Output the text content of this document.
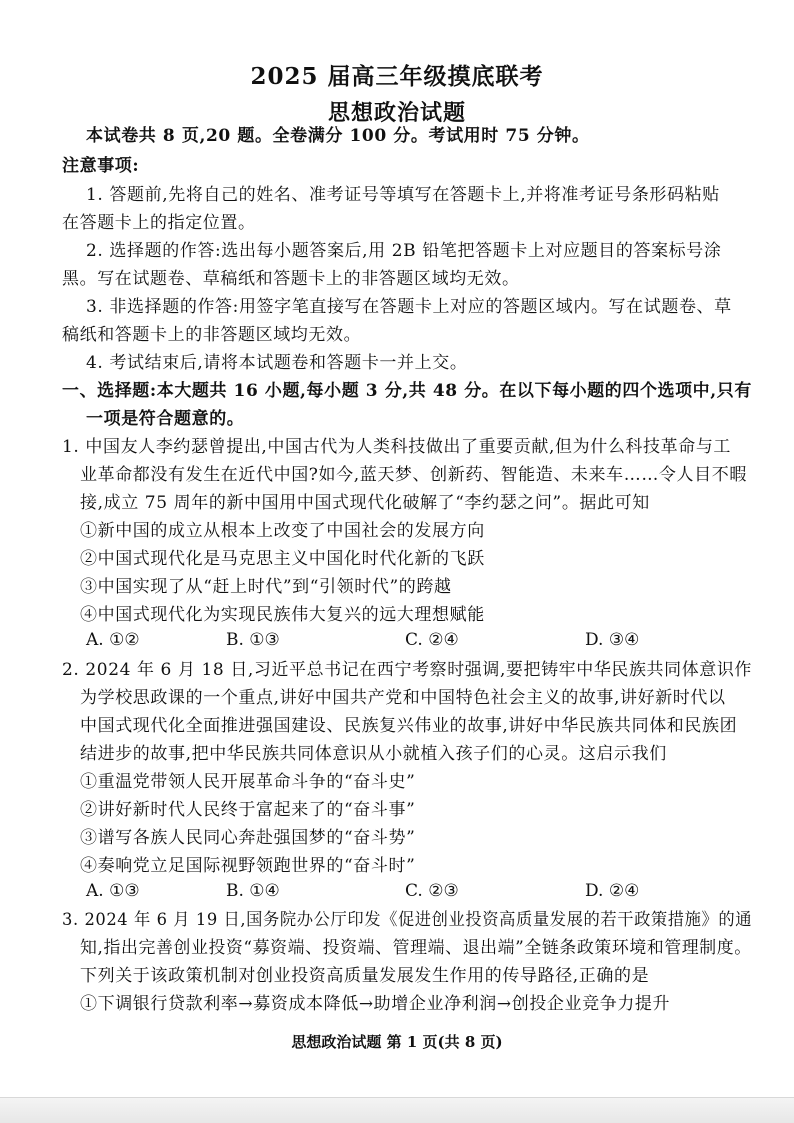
2025 届高三年级摸底联考
思想政治试题
本试卷共 8 页,20 题。全卷满分 100 分。考试用时 75 分钟。
注意事项:
1. 答题前,先将自己的姓名、准考证号等填写在答题卡上,并将准考证号条形码粘贴
在答题卡上的指定位置。
2. 选择题的作答:选出每小题答案后,用 2B 铅笔把答题卡上对应题目的答案标号涂
黑。写在试题卷、草稿纸和答题卡上的非答题区域均无效。
3. 非选择题的作答:用签字笔直接写在答题卡上对应的答题区域内。写在试题卷、草
稿纸和答题卡上的非答题区域均无效。
4. 考试结束后,请将本试题卷和答题卡一并上交。
一、选择题:本大题共 16 小题,每小题 3 分,共 48 分。在以下每小题的四个选项中,只有
一项是符合题意的。
1. 中国友人李约瑟曾提出,中国古代为人类科技做出了重要贡献,但为什么科技革命与工
业革命都没有发生在近代中国?如今,蓝天梦、创新药、智能造、未来车……令人目不暇
接,成立 75 周年的新中国用中国式现代化破解了“李约瑟之问”。据此可知
①新中国的成立从根本上改变了中国社会的发展方向
②中国式现代化是马克思主义中国化时代化新的飞跃
③中国实现了从“赶上时代”到“引领时代”的跨越
④中国式现代化为实现民族伟大复兴的远大理想赋能
A. ①②	B. ①③	C. ②④	D. ③④
2. 2024 年 6 月 18 日,习近平总书记在西宁考察时强调,要把铸牢中华民族共同体意识作
为学校思政课的一个重点,讲好中国共产党和中国特色社会主义的故事,讲好新时代以
中国式现代化全面推进强国建设、民族复兴伟业的故事,讲好中华民族共同体和民族团
结进步的故事,把中华民族共同体意识从小就植入孩子们的心灵。这启示我们
①重温党带领人民开展革命斗争的“奋斗史”
②讲好新时代人民终于富起来了的“奋斗事”
③谱写各族人民同心奔赴强国梦的“奋斗势”
④奏响党立足国际视野领跑世界的“奋斗时”
A. ①③	B. ①④	C. ②③	D. ②④
3. 2024 年 6 月 19 日,国务院办公厅印发《促进创业投资高质量发展的若干政策措施》的通
知,指出完善创业投资“募资端、投资端、管理端、退出端”全链条政策环境和管理制度。
下列关于该政策机制对创业投资高质量发展发生作用的传导路径,正确的是
①下调银行贷款利率→募资成本降低→助增企业净利润→创投企业竞争力提升
思想政治试题 第 1 页(共 8 页)
